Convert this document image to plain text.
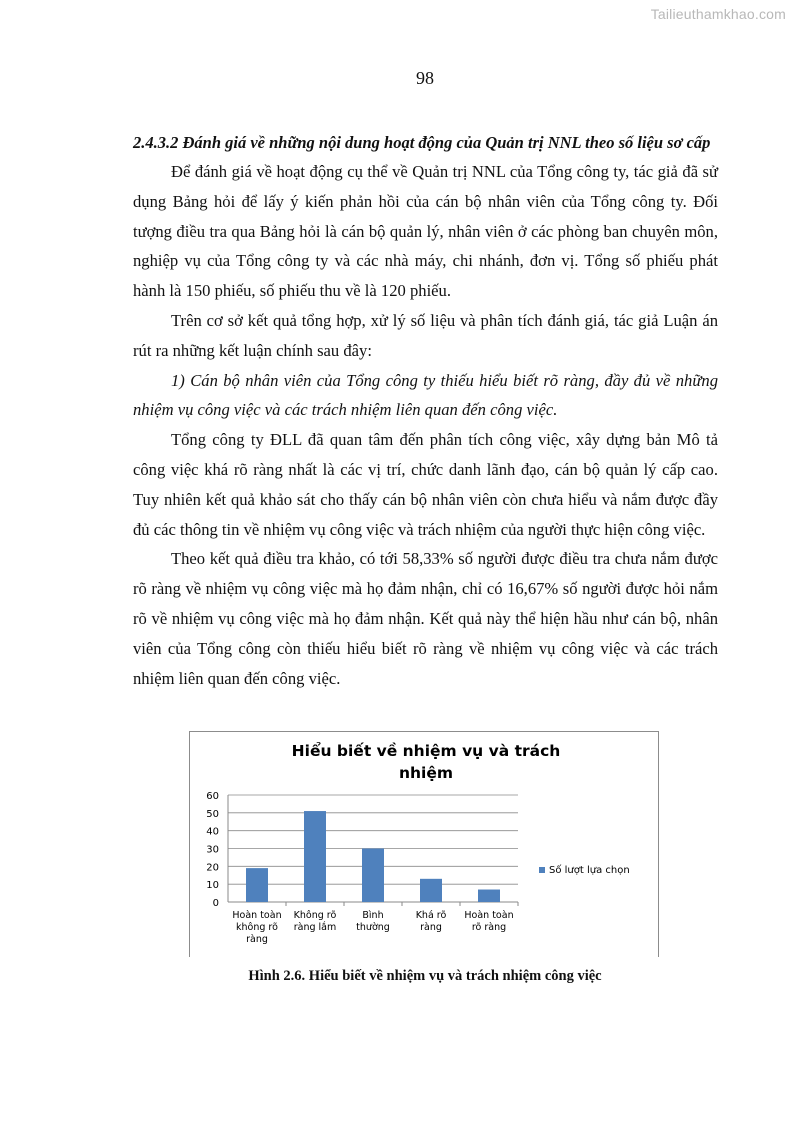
Tailieuthamkhao.com
98
2.4.3.2 Đánh giá về những nội dung hoạt động của Quản trị NNL theo số liệu sơ cấp

Để đánh giá về hoạt động cụ thể về Quản trị NNL của Tổng công ty, tác giả đã sử dụng Bảng hỏi để lấy ý kiến phản hồi của cán bộ nhân viên của Tổng công ty. Đối tượng điều tra qua Bảng hỏi là cán bộ quản lý, nhân viên ở các phòng ban chuyên môn, nghiệp vụ của Tổng công ty và các nhà máy, chi nhánh, đơn vị. Tổng số phiếu phát hành là 150 phiếu, số phiếu thu về là 120 phiếu.

Trên cơ sở kết quả tổng hợp, xử lý số liệu và phân tích đánh giá, tác giả Luận án rút ra những kết luận chính sau đây:

1) Cán bộ nhân viên của Tổng công ty thiếu hiểu biết rõ ràng, đầy đủ về những nhiệm vụ công việc và các trách nhiệm liên quan đến công việc.

Tổng công ty ĐLL đã quan tâm đến phân tích công việc, xây dựng bản Mô tả công việc khá rõ ràng nhất là các vị trí, chức danh lãnh đạo, cán bộ quản lý cấp cao. Tuy nhiên kết quả khảo sát cho thấy cán bộ nhân viên còn chưa hiểu và nắm được đầy đủ các thông tin về nhiệm vụ công việc và trách nhiệm của người thực hiện công việc.

Theo kết quả điều tra khảo, có tới 58,33% số người được điều tra chưa nắm được rõ ràng về nhiệm vụ công việc mà họ đảm nhận, chỉ có 16,67% số người được hỏi nắm rõ về nhiệm vụ công việc mà họ đảm nhận. Kết quả này thể hiện hầu như cán bộ, nhân viên của Tổng công còn thiếu hiểu biết rõ ràng về nhiệm vụ công việc và các trách nhiệm liên quan đến công việc.

Hiểu biết về nhiệm vụ và trách
nhiệm
0
10
20
30
40
50
60
Hoàn toàn
không rõ
ràng
Không rõ
ràng lắm
Bình
thường
Khá rõ
ràng
Hoàn toàn
rõ ràng
Số lượt lựa chọn
Hình 2.6. Hiểu biết về nhiệm vụ và trách nhiệm công việc
